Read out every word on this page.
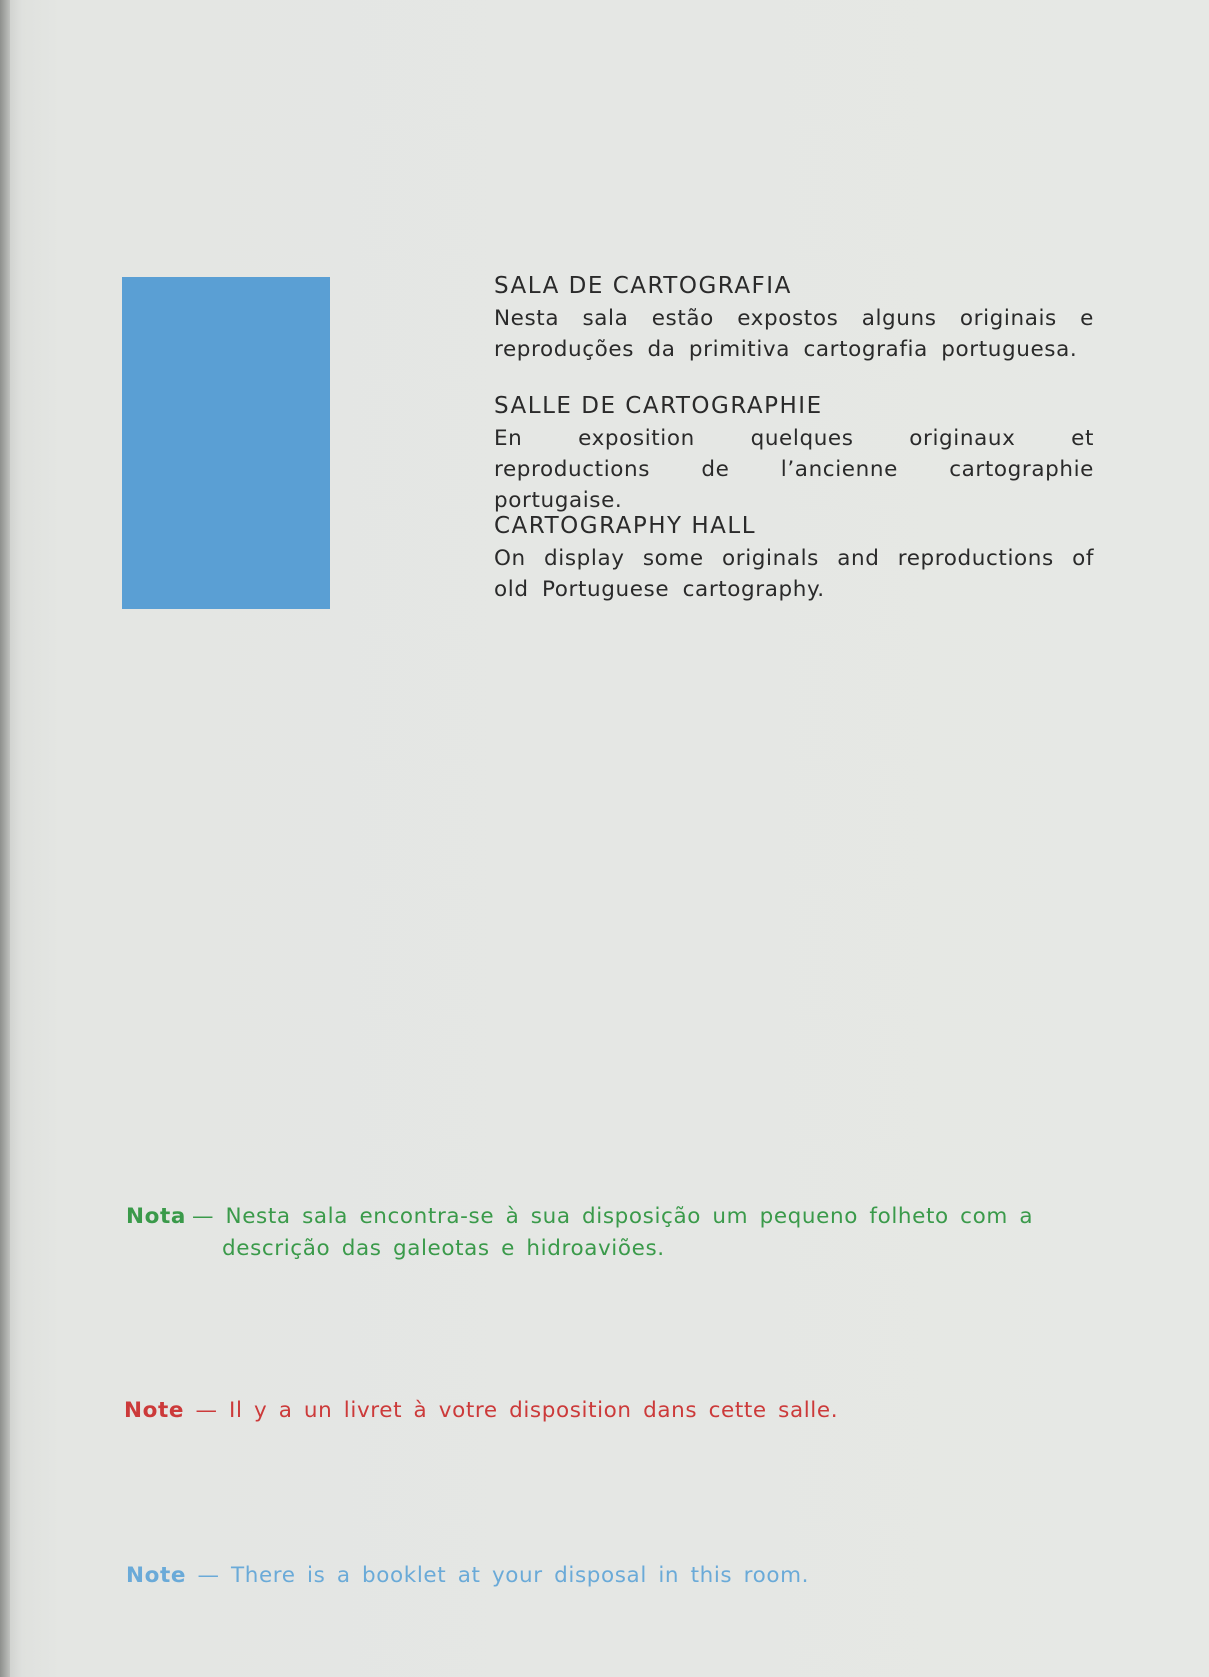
SALA DE CARTOGRAFIA

Nesta sala estão expostos alguns originais e reproduções da primitiva cartografia portuguesa.

SALLE DE CARTOGRAPHIE

En exposition quelques originaux et reproductions de l’ancienne cartographie portugaise.

CARTOGRAPHY HALL

On display some originals and reproductions of old Portuguese cartography.

Nota — Nesta sala encontra-se à sua disposição um pequeno folheto com a descrição das galeotas e hidroaviões.
Note — Il y a un livret à votre disposition dans cette salle.
Note — There is a booklet at your disposal in this room.
